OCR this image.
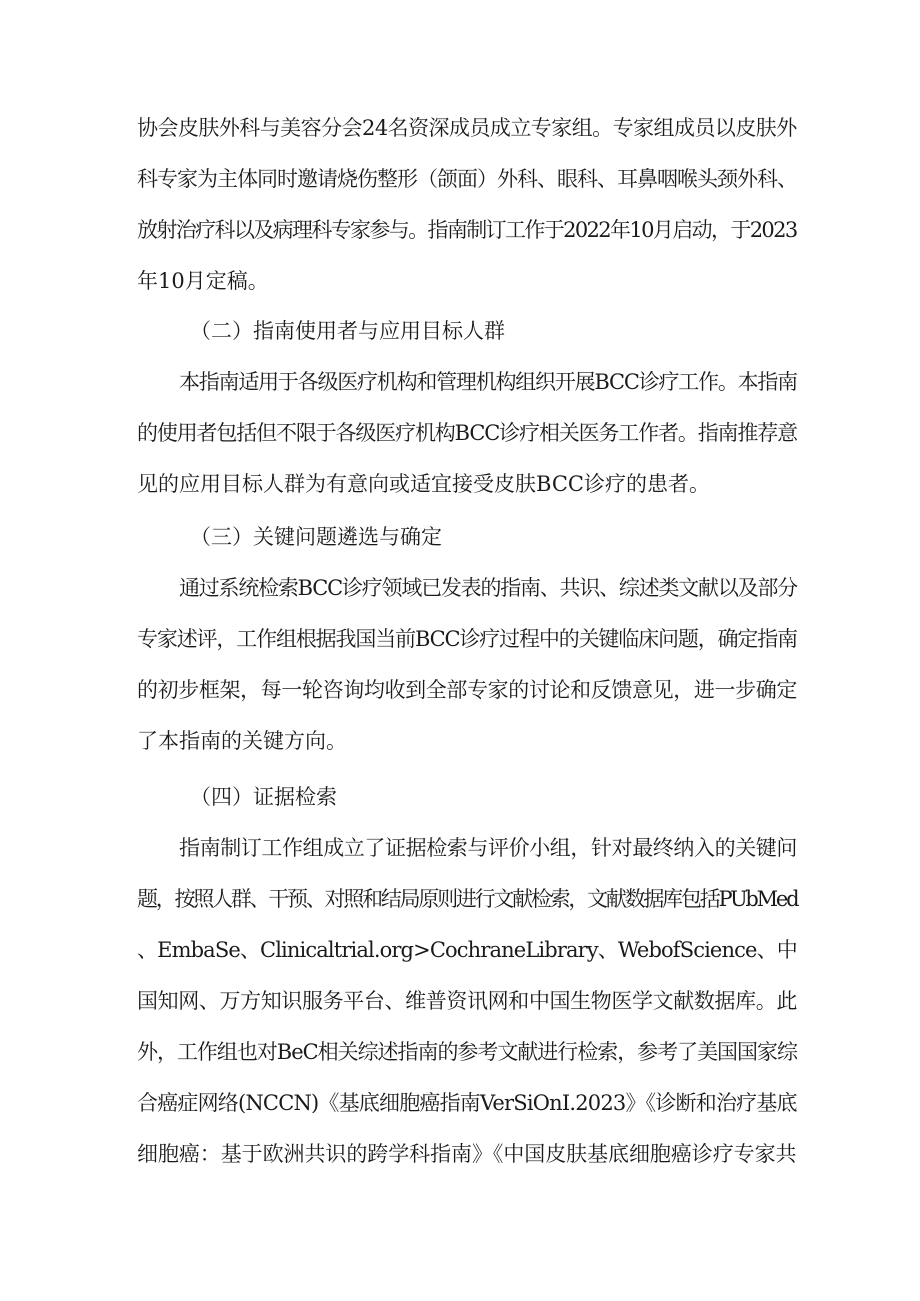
协会皮肤外科与美容分会24名资深成员成立专家组。专家组成员以皮肤外
科专家为主体同时邀请烧伤整形（颌面）外科、眼科、耳鼻咽喉头颈外科、
放射治疗科以及病理科专家参与。指南制订工作于2022年10月启动，于2023
年10月定稿。
（二）指南使用者与应用目标人群
本指南适用于各级医疗机构和管理机构组织开展BCC诊疗工作。本指南
的使用者包括但不限于各级医疗机构BCC诊疗相关医务工作者。指南推荐意
见的应用目标人群为有意向或适宜接受皮肤BCC诊疗的患者。
（三）关键问题遴选与确定
通过系统检索BCC诊疗领域已发表的指南、共识、综述类文献以及部分
专家述评，工作组根据我国当前BCC诊疗过程中的关键临床问题，确定指南
的初步框架，每一轮咨询均收到全部专家的讨论和反馈意见，进一步确定
了本指南的关键方向。
（四）证据检索
指南制订工作组成立了证据检索与评价小组，针对最终纳入的关键问
题，按照人群、干预、对照和结局原则进行文献检索，文献数据库包括PUbMed
、EmbaSe、Clinicaltrial.org>CochraneLibrary、WebofScience、中
国知网、万方知识服务平台、维普资讯网和中国生物医学文献数据库。此
外，工作组也对BeC相关综述指南的参考文献进行检索，参考了美国国家综
合癌症网络(NCCN)《基底细胞癌指南VerSiOnI.2023》《诊断和治疗基底
细胞癌：基于欧洲共识的跨学科指南》《中国皮肤基底细胞癌诊疗专家共
